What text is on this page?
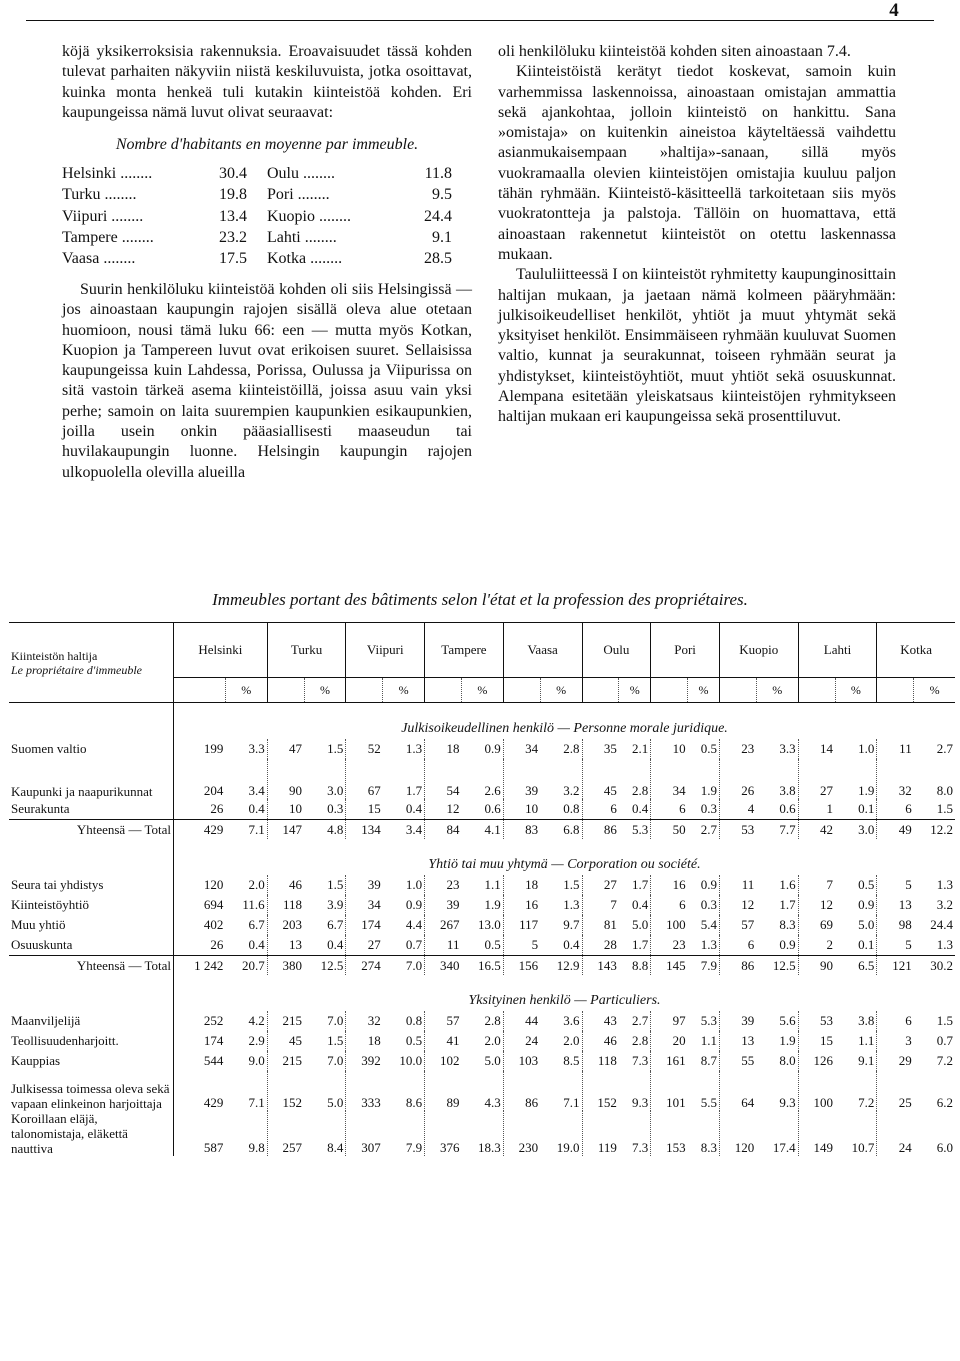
4

köjä yksikerroksisia rakennuksia. Eroavaisuudet tässä kohden tulevat parhaiten näkyviin niistä keskiluvuista, jotka osoittavat, kuinka monta henkeä tuli kutakin kiinteistöä kohden. Eri kaupungeissa nämä luvut olivat seuraavat:

Nombre d'habitants en moyenne par immeuble.

Helsinki .....	30.4	Oulu .....	11.8
Turku .....	19.8	Pori .....	9.5
Viipuri .....	13.4	Kuopio .....	24.4
Tampere .....	23.2	Lahti .....	9.1
Vaasa .....	17.5	Kotka .....	28.5

Suurin henkilöluku kiinteistöä kohden oli siis Helsingissä — jos ainoastaan kaupungin rajojen sisällä oleva alue otetaan huomioon, nousi tämä luku 66: een — mutta myös Kotkan, Kuopion ja Tampereen luvut ovat erikoisen suuret. Sellaisissa kaupungeissa kuin Lahdessa, Porissa, Oulussa ja Viipurissa on sitä vastoin tärkeä asema kiinteistöillä, joissa asuu vain yksi perhe; samoin on laita suurempien kaupunkien esikaupunkien, joilla usein onkin pääasiallisesti maaseudun tai huvilakaupungin luonne. Helsingin kaupungin rajojen ulkopuolella olevilla alueilla

oli henkilöluku kiinteistöä kohden siten ainoastaan 7.4.

Kiinteistöistä kerätyt tiedot koskevat, samoin kuin varhemmissa laskennoissa, ainoastaan omistajan ammattia sekä ajankohtaa, jolloin kiinteistö on hankittu. Sana »omistaja» on kuitenkin aineistoa käyteltäessä vaihdettu asianmukaisempaan »haltija»-sanaan, sillä myös vuokramaalla olevien kiinteistöjen omistajia kuuluu paljon tähän ryhmään. Kiinteistö-käsitteellä tarkoitetaan siis myös vuokratontteja ja palstoja. Tällöin on huomattava, että ainoastaan rakennetut kiinteistöt on otettu laskennassa mukaan.

Taululiitteessä I on kiinteistöt ryhmitetty kaupunginosittain haltijan mukaan, ja jaetaan nämä kolmeen pääryhmään: julkisoikeudelliset henkilöt, yhtiöt ja muut yhtymät sekä yksityiset henkilöt. Ensimmäiseen ryhmään kuuluvat Suomen valtio, kunnat ja seurakunnat, toiseen ryhmään seurat ja yhdistykset, kiinteistöyhtiöt, muut yhtiöt sekä osuuskunnat. Alempana esitetään yleiskatsaus kiinteistöjen ryhmitykseen haltijan mukaan eri kaupungeissa sekä prosenttiluvut.

Immeubles portant des bâtiments selon l'état et la profession des propriétaires.
Kiinteistön haltija
Le propriétaire d'immeuble	Helsinki		Turku		Viipuri		Tampere		Vaasa		Oulu		Pori		Kuopio		Lahti		Kotka	
		%		%		%		%		%		%		%		%		%		%
	Julkisoikeudellinen henkilö — Personne morale juridique.																			
Suomen valtio	199	3.3	47	1.5	52	1.3	18	0.9	34	2.8	35	2.1	10	0.5	23	3.3	14	1.0	11	2.7
Kaupunki ja naapurikunnat	204	3.4	90	3.0	67	1.7	54	2.6	39	3.2	45	2.8	34	1.9	26	3.8	27	1.9	32	8.0
Seurakunta	26	0.4	10	0.3	15	0.4	12	0.6	10	0.8	6	0.4	6	0.3	4	0.6	1	0.1	6	1.5
Yhteensä — Total	429	7.1	147	4.8	134	3.4	84	4.1	83	6.8	86	5.3	50	2.7	53	7.7	42	3.0	49	12.2
	Yhtiö tai muu yhtymä — Corporation ou société.																			
Seura tai yhdistys	120	2.0	46	1.5	39	1.0	23	1.1	18	1.5	27	1.7	16	0.9	11	1.6	7	0.5	5	1.3
Kiinteistöyhtiö	694	11.6	118	3.9	34	0.9	39	1.9	16	1.3	7	0.4	6	0.3	12	1.7	12	0.9	13	3.2
Muu yhtiö	402	6.7	203	6.7	174	4.4	267	13.0	117	9.7	81	5.0	100	5.4	57	8.3	69	5.0	98	24.4
Osuuskunta	26	0.4	13	0.4	27	0.7	11	0.5	5	0.4	28	1.7	23	1.3	6	0.9	2	0.1	5	1.3
Yhteensä — Total	1 242	20.7	380	12.5	274	7.0	340	16.5	156	12.9	143	8.8	145	7.9	86	12.5	90	6.5	121	30.2
	Yksityinen henkilö — Particuliers.																			
Maanviljelijä	252	4.2	215	7.0	32	0.8	57	2.8	44	3.6	43	2.7	97	5.3	39	5.6	53	3.8	6	1.5
Teollisuudenharjoitt.	174	2.9	45	1.5	18	0.5	41	2.0	24	2.0	46	2.8	20	1.1	13	1.9	15	1.1	3	0.7
Kauppias	544	9.0	215	7.0	392	10.0	102	5.0	103	8.5	118	7.3	161	8.7	55	8.0	126	9.1	29	7.2
Julkisessa toimessa oleva sekä vapaan elinkeinon harjoittaja	429	7.1	152	5.0	333	8.6	89	4.3	86	7.1	152	9.3	101	5.5	64	9.3	100	7.2	25	6.2
Koroillaan eläjä, talonomistaja, eläkettä nauttiva	587	9.8	257	8.4	307	7.9	376	18.3	230	19.0	119	7.3	153	8.3	120	17.4	149	10.7	24	6.0
